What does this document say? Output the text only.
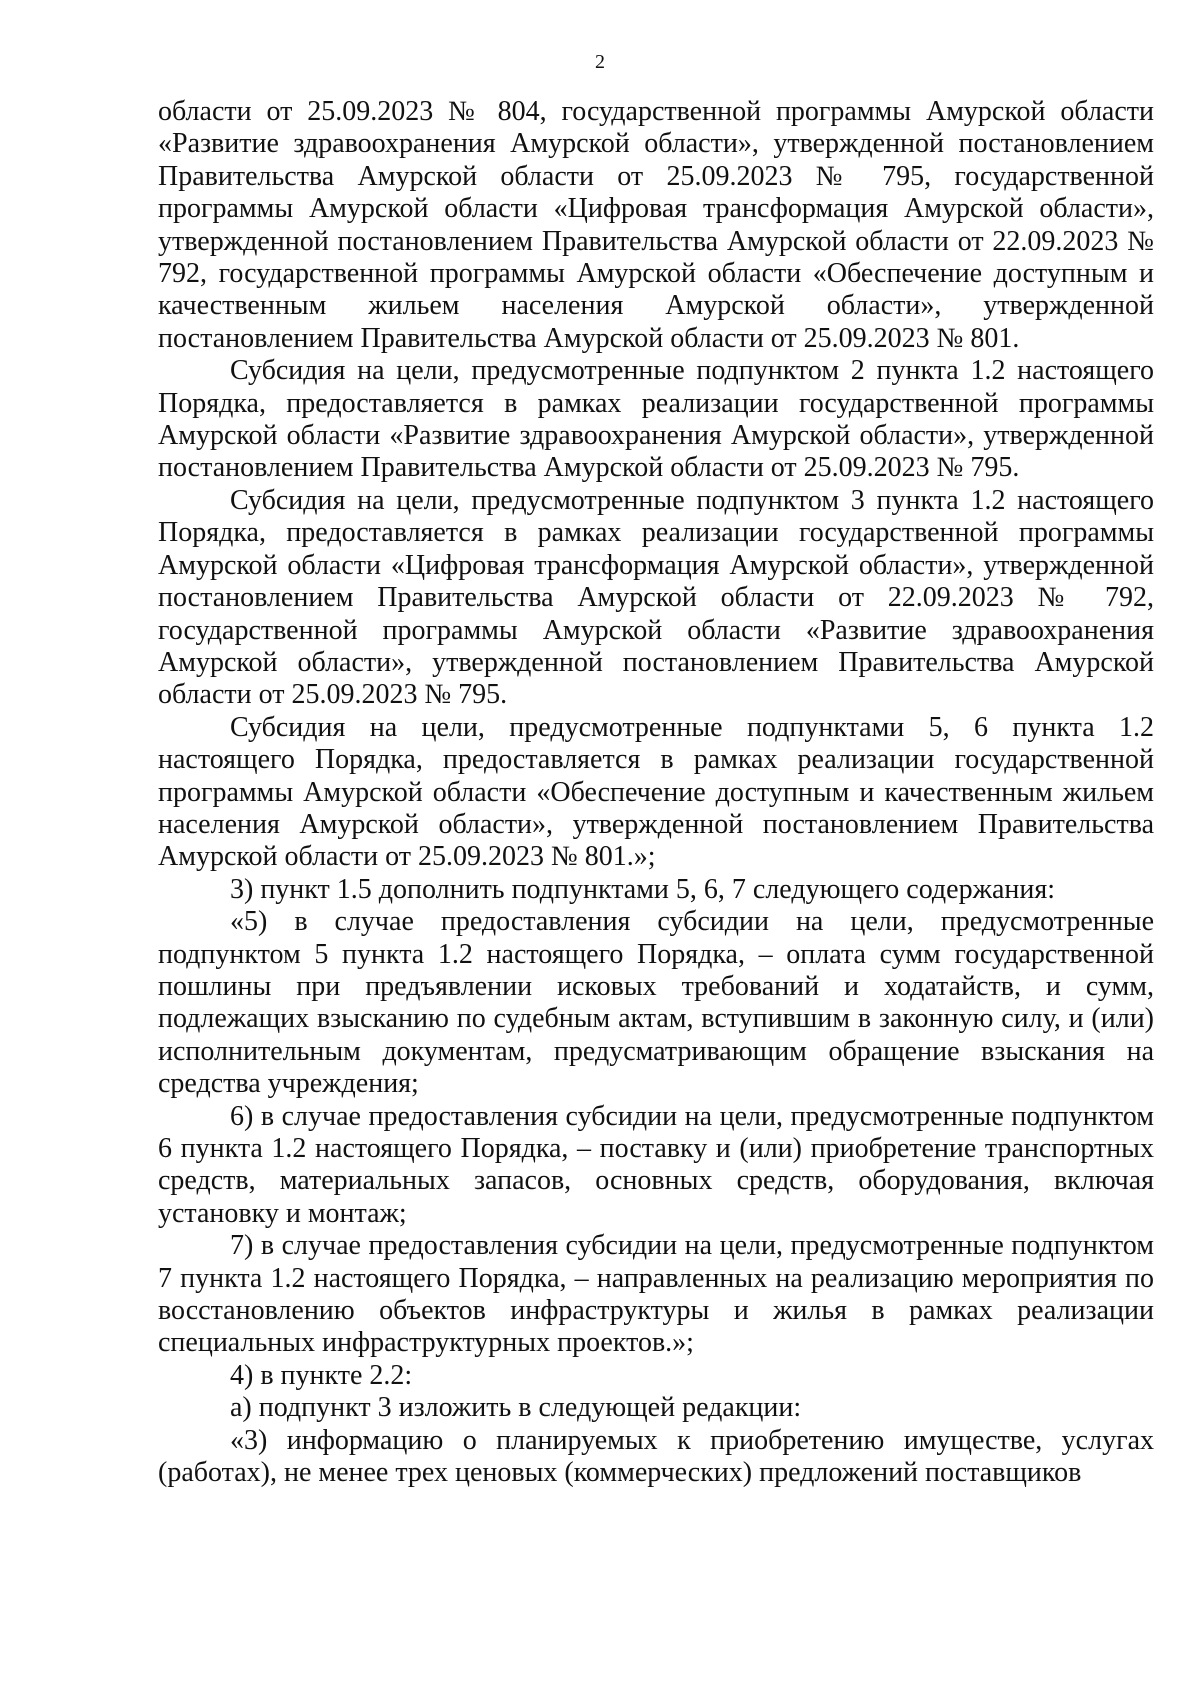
2

области от 25.09.2023 № 804, государственной программы Амурской области «Развитие здравоохранения Амурской области», утвержденной постановлением Правительства Амурской области от 25.09.2023 № 795, государственной программы Амурской области «Цифровая трансформация Амурской области», утвержденной постановлением Правительства Амурской области от 22.09.2023 № 792, государственной программы Амурской области «Обеспечение доступным и качественным жильем населения Амурской области», утвержденной постановлением Правительства Амурской области от 25.09.2023 № 801.

Субсидия на цели, предусмотренные подпунктом 2 пункта 1.2 настоящего Порядка, предоставляется в рамках реализации государственной программы Амурской области «Развитие здравоохранения Амурской области», утвержденной постановлением Правительства Амурской области от 25.09.2023 № 795.

Субсидия на цели, предусмотренные подпунктом 3 пункта 1.2 настоящего Порядка, предоставляется в рамках реализации государственной программы Амурской области «Цифровая трансформация Амурской области», утвержденной постановлением Правительства Амурской области от 22.09.2023 № 792, государственной программы Амурской области «Развитие здравоохранения Амурской области», утвержденной постановлением Правительства Амурской области от 25.09.2023 № 795.

Субсидия на цели, предусмотренные подпунктами 5, 6 пункта 1.2 настоящего Порядка, предоставляется в рамках реализации государственной программы Амурской области «Обеспечение доступным и качественным жильем населения Амурской области», утвержденной постановлением Правительства Амурской области от 25.09.2023 № 801.»;

3) пункт 1.5 дополнить подпунктами 5, 6, 7 следующего содержания:

«5) в случае предоставления субсидии на цели, предусмотренные подпунктом 5 пункта 1.2 настоящего Порядка, – оплата сумм государственной пошлины при предъявлении исковых требований и ходатайств, и сумм, подлежащих взысканию по судебным актам, вступившим в законную силу, и (или) исполнительным документам, предусматривающим обращение взыскания на средства учреждения;

6) в случае предоставления субсидии на цели, предусмотренные подпунктом 6 пункта 1.2 настоящего Порядка, – поставку и (или) приобретение транспортных средств, материальных запасов, основных средств, оборудования, включая установку и монтаж;

7) в случае предоставления субсидии на цели, предусмотренные подпунктом 7 пункта 1.2 настоящего Порядка, – направленных на реализацию мероприятия по восстановлению объектов инфраструктуры и жилья в рамках реализации специальных инфраструктурных проектов.»;

4) в пункте 2.2:

а) подпункт 3 изложить в следующей редакции:

«3) информацию о планируемых к приобретению имуществе, услугах (работах), не менее трех ценовых (коммерческих) предложений поставщиков
